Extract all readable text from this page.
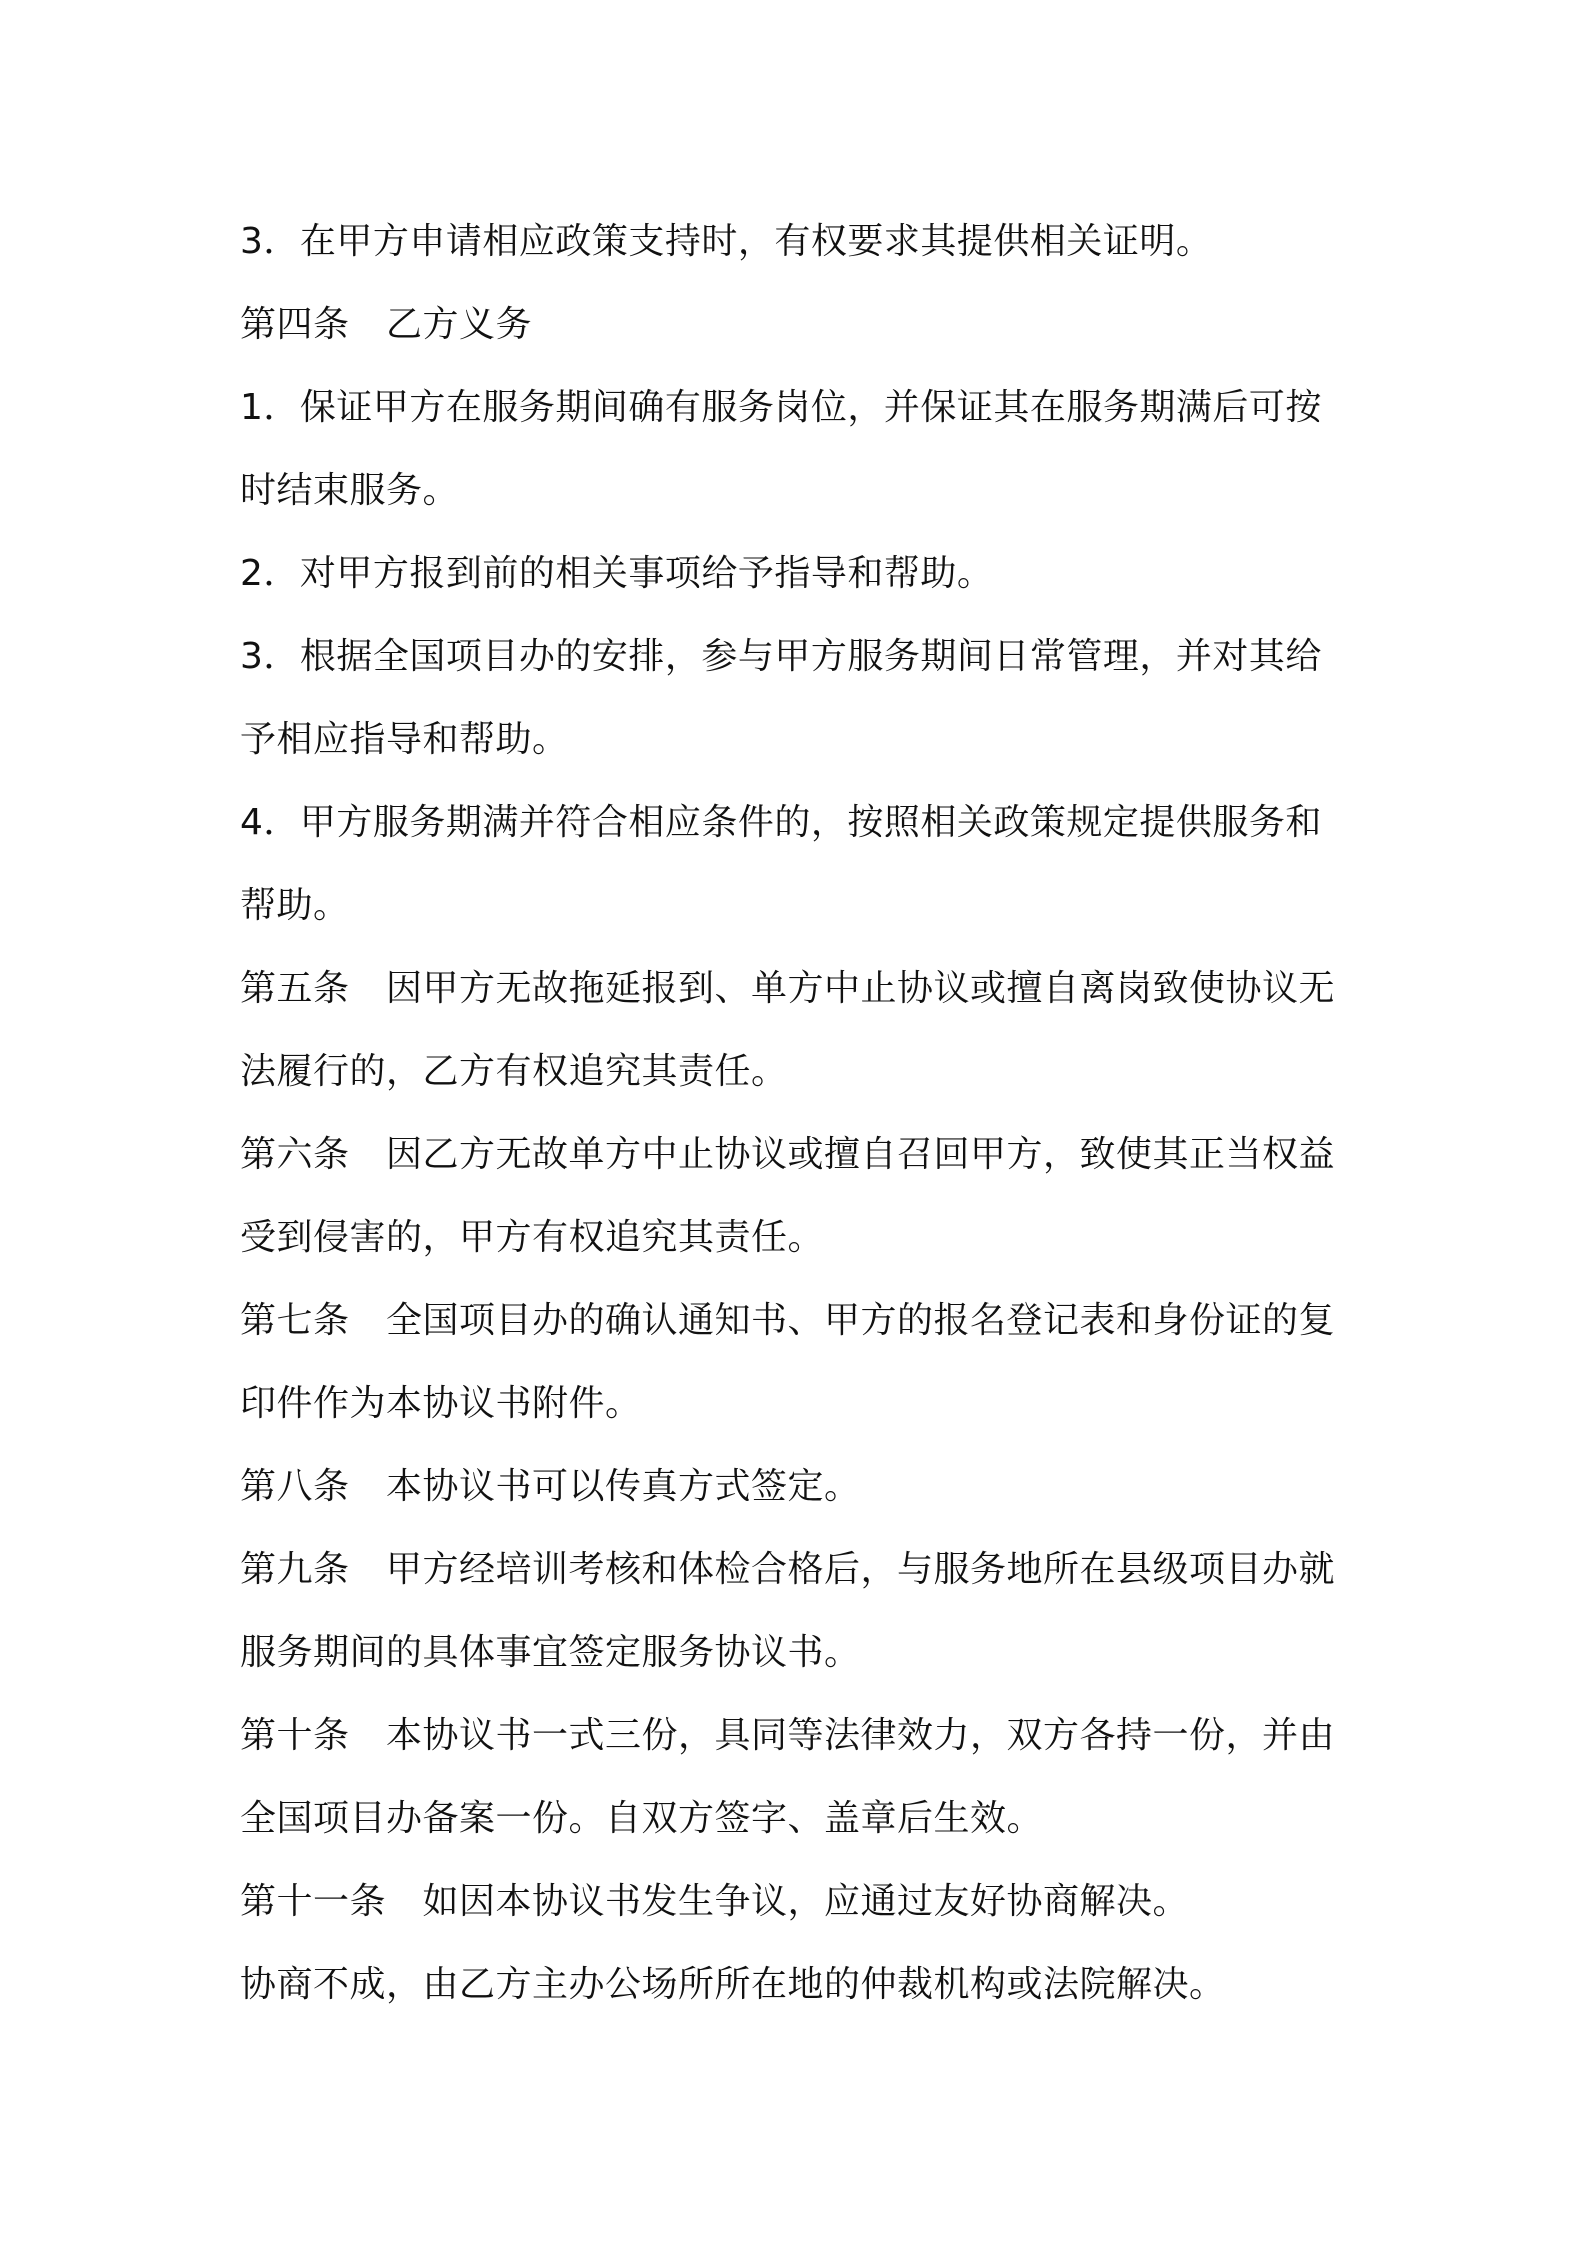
3．在甲方申请相应政策支持时，有权要求其提供相关证明。
第四条　乙方义务
1．保证甲方在服务期间确有服务岗位，并保证其在服务期满后可按
时结束服务。
2．对甲方报到前的相关事项给予指导和帮助。
3．根据全国项目办的安排，参与甲方服务期间日常管理，并对其给
予相应指导和帮助。
4．甲方服务期满并符合相应条件的，按照相关政策规定提供服务和
帮助。
第五条　因甲方无故拖延报到、单方中止协议或擅自离岗致使协议无
法履行的，乙方有权追究其责任。
第六条　因乙方无故单方中止协议或擅自召回甲方，致使其正当权益
受到侵害的，甲方有权追究其责任。
第七条　全国项目办的确认通知书、甲方的报名登记表和身份证的复
印件作为本协议书附件。
第八条　本协议书可以传真方式签定。
第九条　甲方经培训考核和体检合格后，与服务地所在县级项目办就
服务期间的具体事宜签定服务协议书。
第十条　本协议书一式三份，具同等法律效力，双方各持一份，并由
全国项目办备案一份。自双方签字、盖章后生效。
第十一条　如因本协议书发生争议，应通过友好协商解决。
协商不成，由乙方主办公场所所在地的仲裁机构或法院解决。
